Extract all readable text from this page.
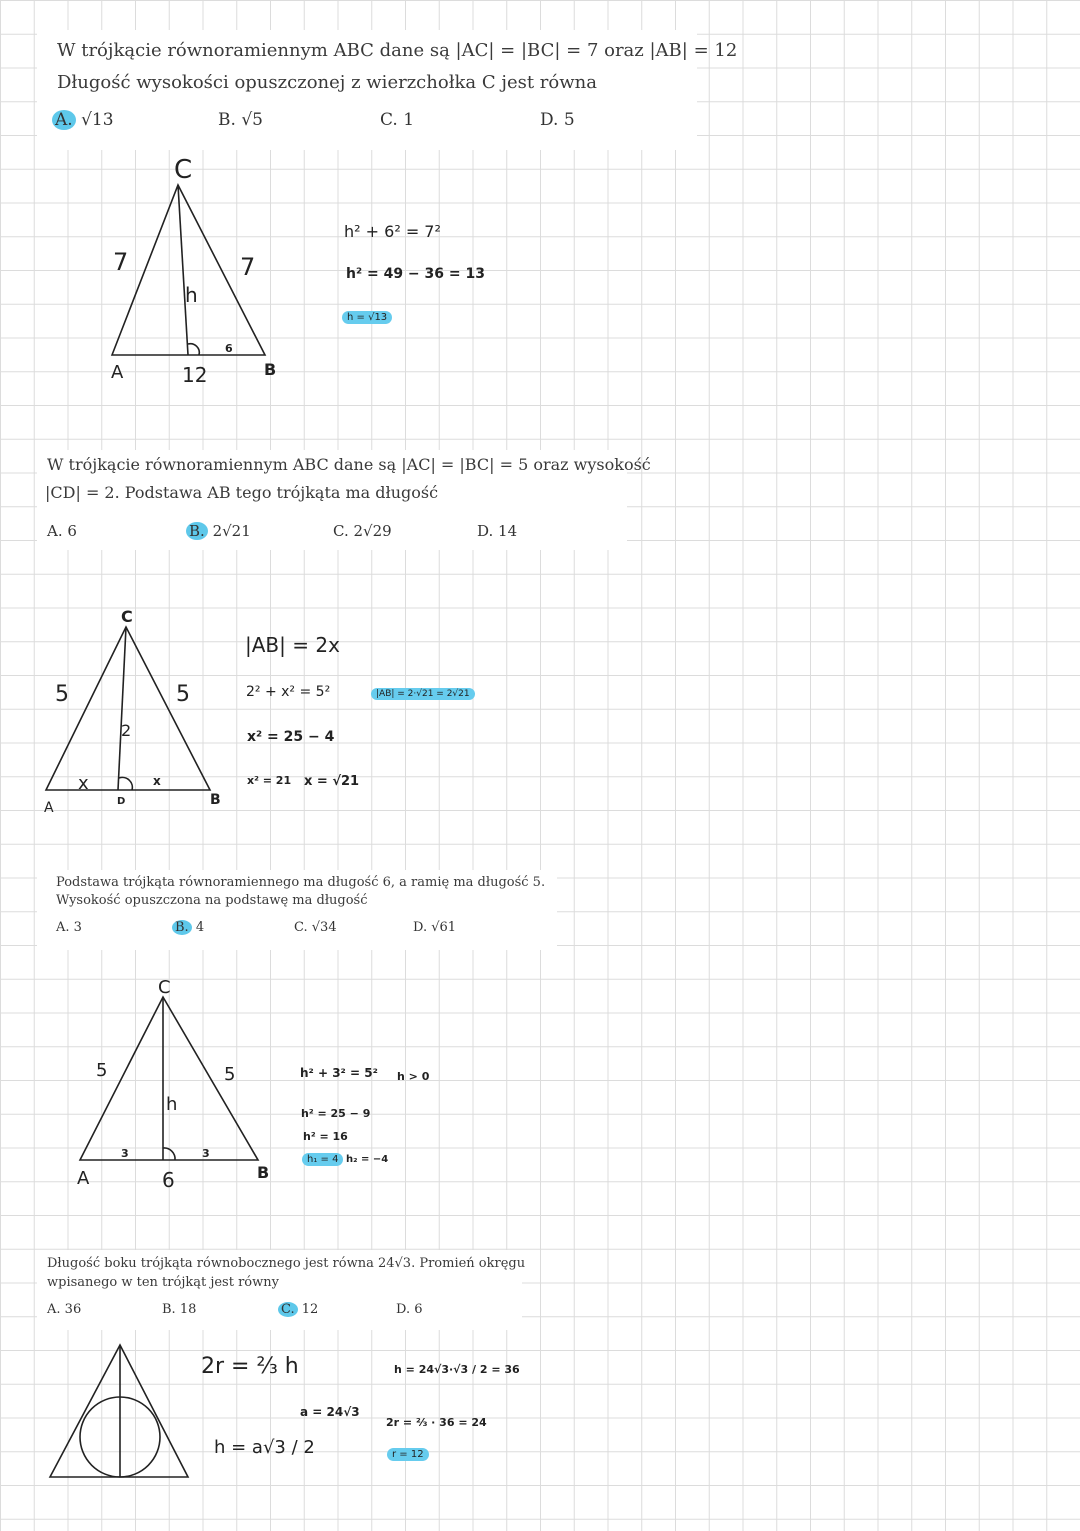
W trójkącie równoramiennym ABC dane są |AC| = |BC| = 7 oraz |AB| = 12
Długość wysokości opuszczonej z wierzchołka C jest równa
A. √13	B. √5	C. 1	D. 5
W trójkącie równoramiennym ABC dane są |AC| = |BC| = 5 oraz wysokość
|CD| = 2. Podstawa AB tego trójkąta ma długość
A. 6	B. 2√21	C. 2√29	D. 14
Podstawa trójkąta równoramiennego ma długość 6, a ramię ma długość 5.
Wysokość opuszczona na podstawę ma długość
A. 3	B. 4	C. √34	D. √61
Długość boku trójkąta równobocznego jest równa 24√3. Promień okręgu
wpisanego w ten trójkąt jest równy
A. 36	B. 18	C. 12	D. 6
C
7	7
h
6
A	12	B
C
5	5
2
x	x
A	D	B
C
5	5
h
3	3
A	6	B
h² + 6² = 7²
h² = 49 − 36 = 13
h = √13
|AB| = 2x
2² + x² = 5²
x² = 25 − 4
x² = 21 x = √21
|AB| = 2·√21 = 2√21
h² + 3² = 5² h > 0
h² = 25 − 9
h² = 16
h₁ = 4 h₂ = −4
2r = ⅔ h
a = 24√3
h = a√3 / 2
h = 24√3·√3 / 2 = 36
2r = ⅔ · 36 = 24
r = 12
